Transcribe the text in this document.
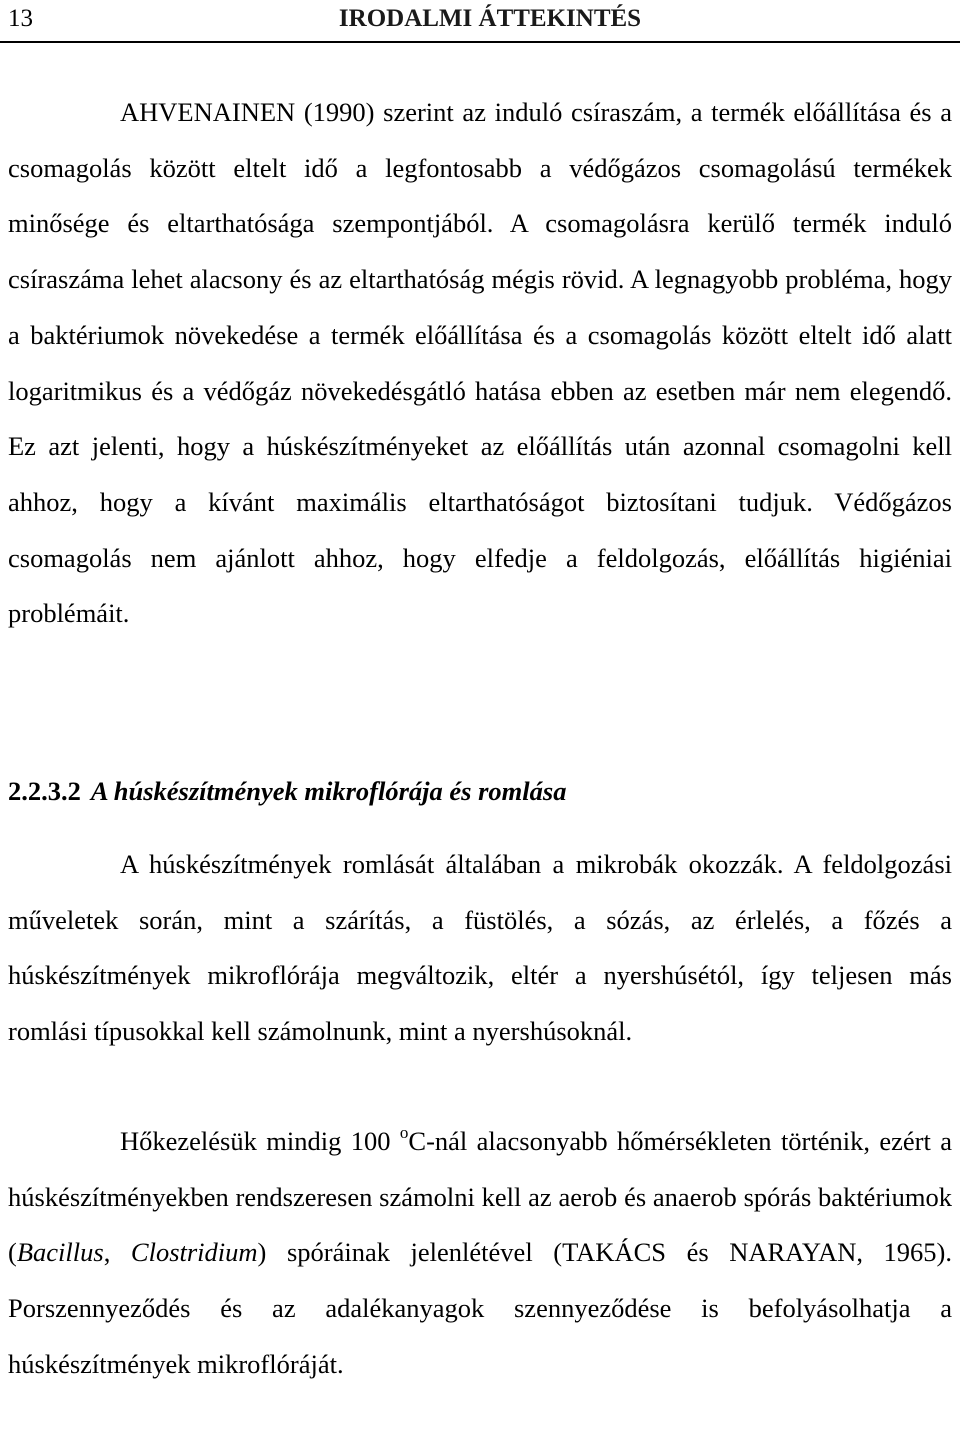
13	IRODALMI ÁTTEKINTÉS

AHVENAINEN (1990) szerint az induló csíraszám, a termék előállítása és a csomagolás között eltelt idő a legfontosabb a védőgázos csomagolású termékek minősége és eltarthatósága szempontjából. A csomagolásra kerülő termék induló csíraszáma lehet alacsony és az eltarthatóság mégis rövid. A legnagyobb probléma, hogy a baktériumok növekedése a termék előállítása és a csomagolás között eltelt idő alatt logaritmikus és a védőgáz növekedésgátló hatása ebben az esetben már nem elegendő. Ez azt jelenti, hogy a húskészítményeket az előállítás után azonnal csomagolni kell ahhoz, hogy a kívánt maximális eltarthatóságot biztosítani tudjuk. Védőgázos csomagolás nem ajánlott ahhoz, hogy elfedje a feldolgozás, előállítás higiéniai problémáit.

2.2.3.2 A húskészítmények mikroflórája és romlása

A húskészítmények romlását általában a mikrobák okozzák. A feldolgozási műveletek során, mint a szárítás, a füstölés, a sózás, az érlelés, a főzés a húskészítmények mikroflórája megváltozik, eltér a nyershúsétól, így teljesen más romlási típusokkal kell számolnunk, mint a nyershúsoknál.

Hőkezelésük mindig 100 $^o$C-nál alacsonyabb hőmérsékleten történik, ezért a húskészítményekben rendszeresen számolni kell az aerob és anaerob spórás baktériumok (Bacillus, Clostridium) spóráinak jelenlétével (TAKÁCS és NARAYAN, 1965). Porszennyeződés és az adalékanyagok szennyeződése is befolyásolhatja a húskészítmények mikroflóráját.
